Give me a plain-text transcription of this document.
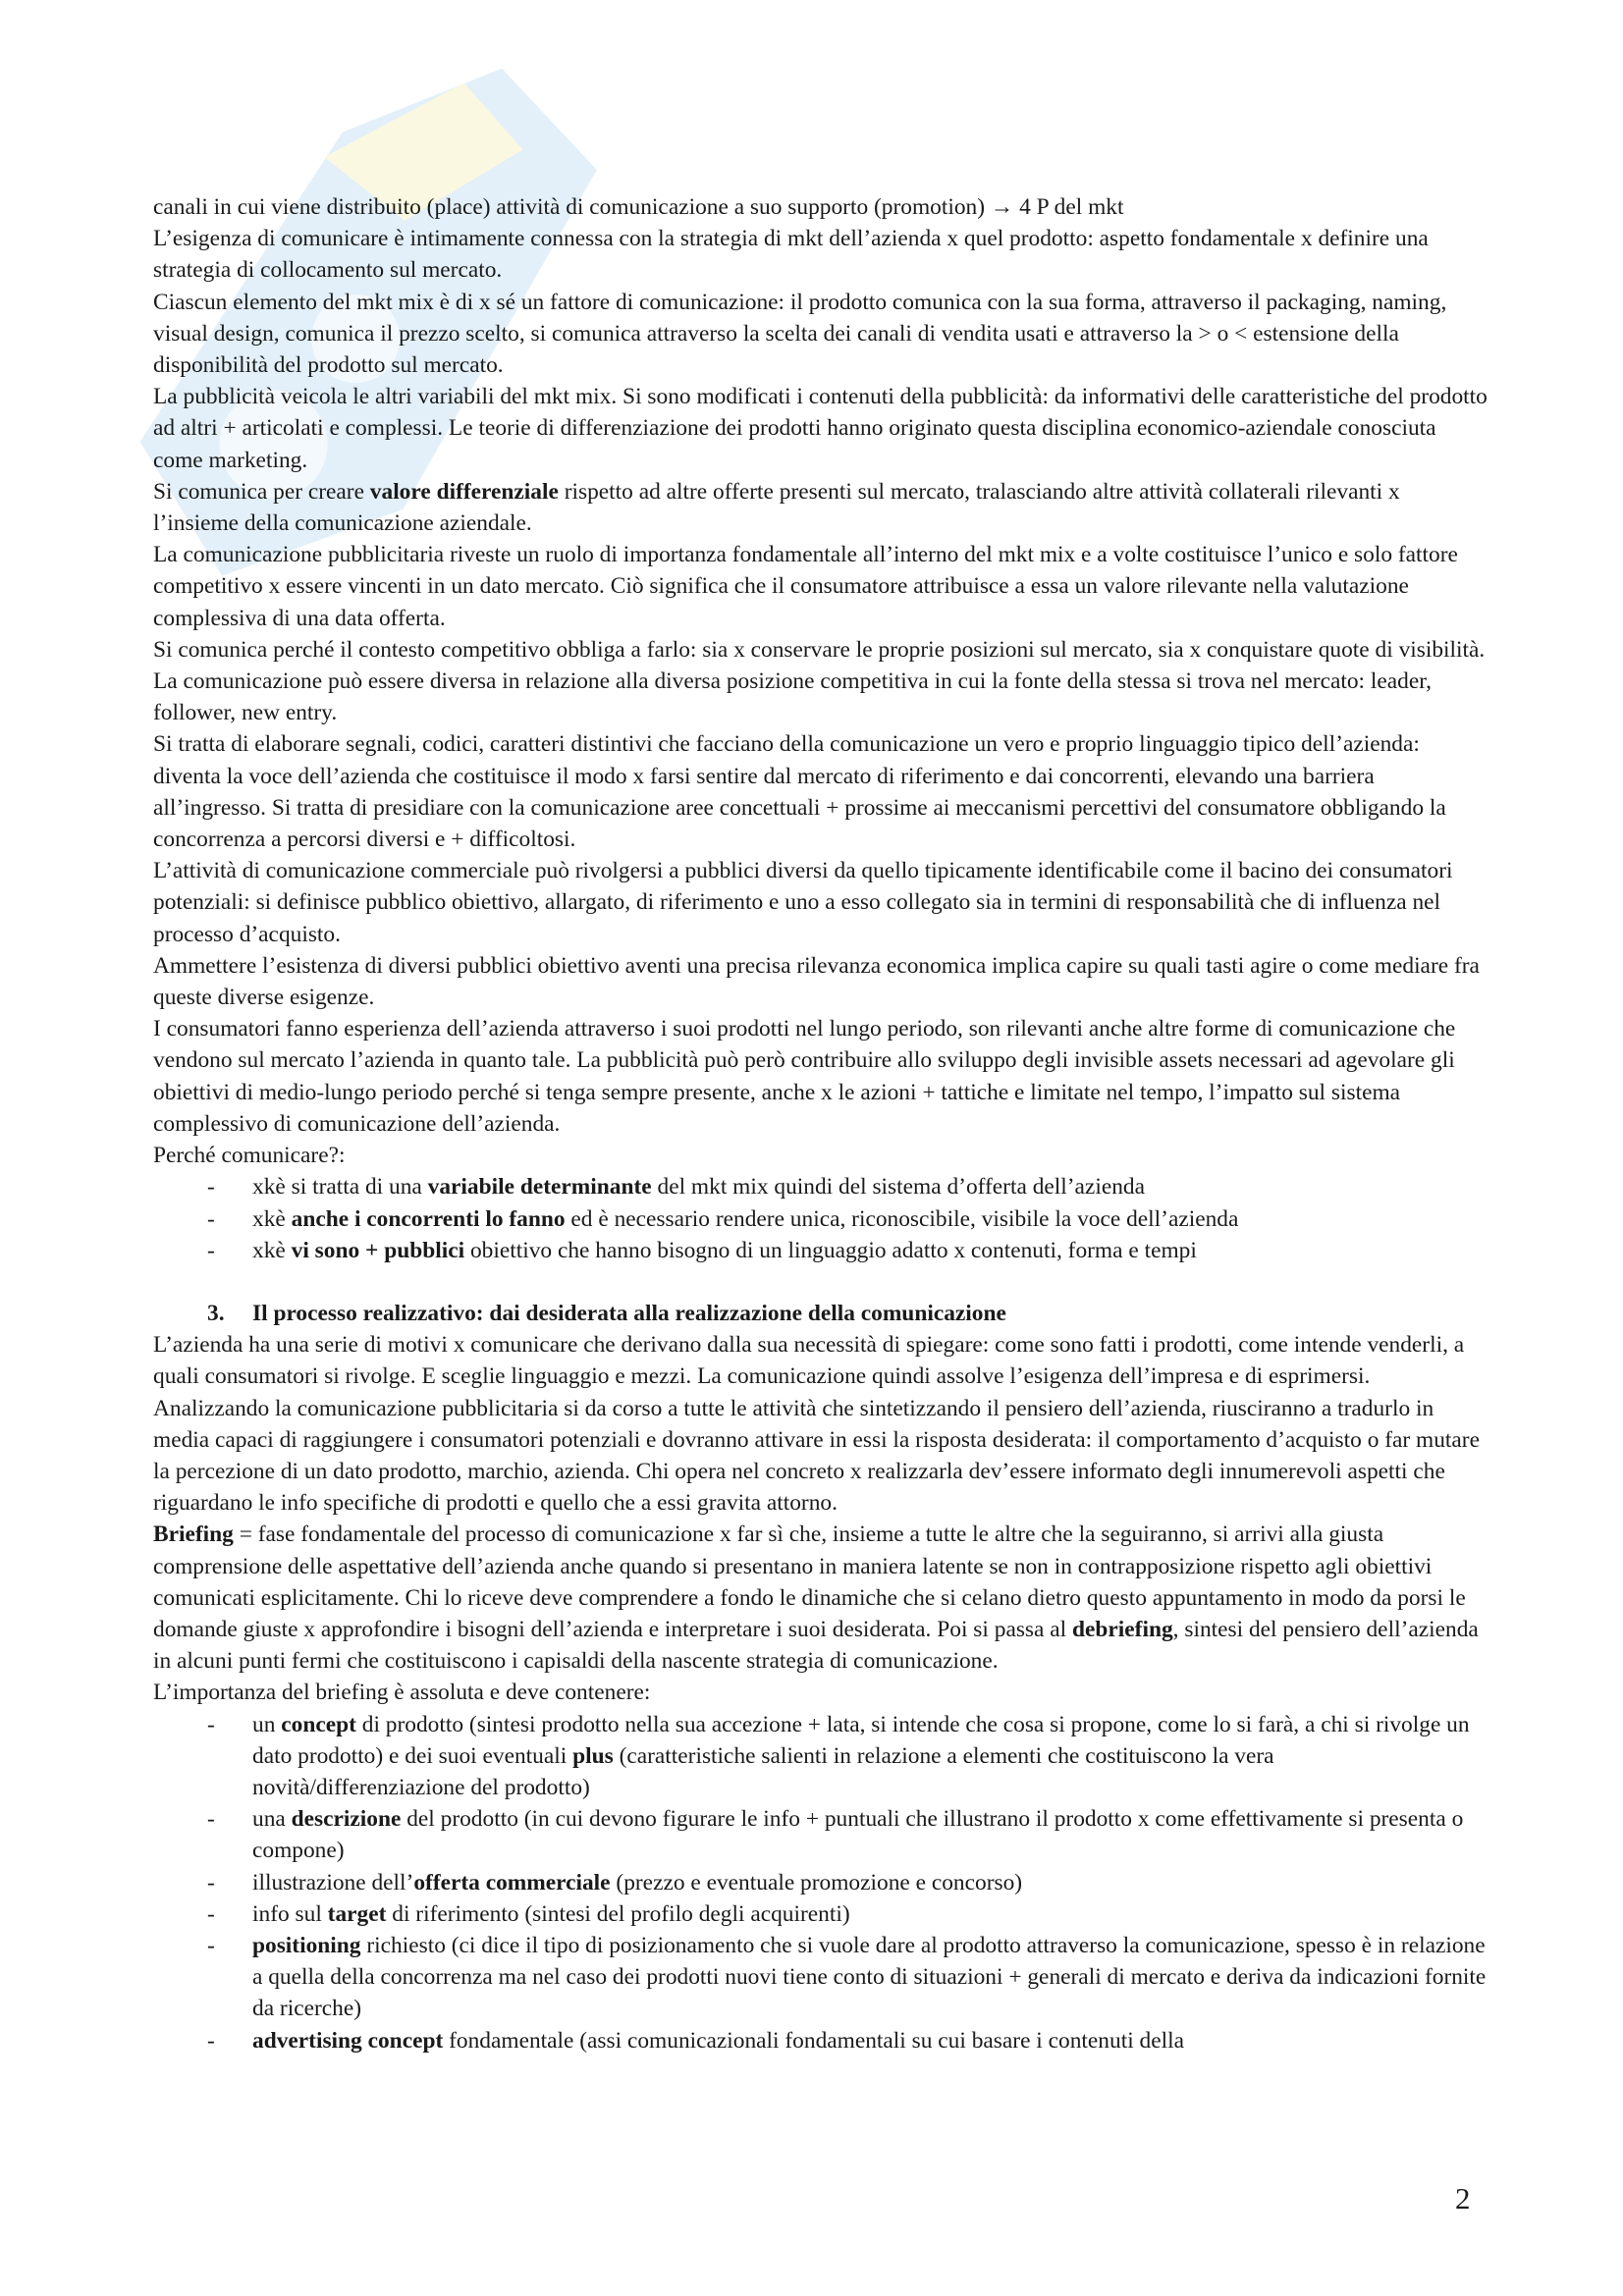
canali in cui viene distribuito (place) attività di comunicazione a suo supporto (promotion) → 4 P del mkt

L’esigenza di comunicare è intimamente connessa con la strategia di mkt dell’azienda x quel prodotto: aspetto fondamentale x definire una strategia di collocamento sul mercato.

Ciascun elemento del mkt mix è di x sé un fattore di comunicazione: il prodotto comunica con la sua forma, attraverso il packaging, naming, visual design, comunica il prezzo scelto, si comunica attraverso la scelta dei canali di vendita usati e attraverso la > o < estensione della disponibilità del prodotto sul mercato.

La pubblicità veicola le altri variabili del mkt mix. Si sono modificati i contenuti della pubblicità: da informativi delle caratteristiche del prodotto ad altri + articolati e complessi. Le teorie di differenziazione dei prodotti hanno originato questa disciplina economico-aziendale conosciuta come marketing.

Si comunica per creare valore differenziale rispetto ad altre offerte presenti sul mercato, tralasciando altre attività collaterali rilevanti x l’insieme della comunicazione aziendale.

La comunicazione pubblicitaria riveste un ruolo di importanza fondamentale all’interno del mkt mix e a volte costituisce l’unico e solo fattore competitivo x essere vincenti in un dato mercato. Ciò significa che il consumatore attribuisce a essa un valore rilevante nella valutazione complessiva di una data offerta.

Si comunica perché il contesto competitivo obbliga a farlo: sia x conservare le proprie posizioni sul mercato, sia x conquistare quote di visibilità. La comunicazione può essere diversa in relazione alla diversa posizione competitiva in cui la fonte della stessa si trova nel mercato: leader, follower, new entry.

Si tratta di elaborare segnali, codici, caratteri distintivi che facciano della comunicazione un vero e proprio linguaggio tipico dell’azienda: diventa la voce dell’azienda che costituisce il modo x farsi sentire dal mercato di riferimento e dai concorrenti, elevando una barriera all’ingresso. Si tratta di presidiare con la comunicazione aree concettuali + prossime ai meccanismi percettivi del consumatore obbligando la concorrenza a percorsi diversi e + difficoltosi.

L’attività di comunicazione commerciale può rivolgersi a pubblici diversi da quello tipicamente identificabile come il bacino dei consumatori potenziali: si definisce pubblico obiettivo, allargato, di riferimento e uno a esso collegato sia in termini di responsabilità che di influenza nel processo d’acquisto.

Ammettere l’esistenza di diversi pubblici obiettivo aventi una precisa rilevanza economica implica capire su quali tasti agire o come mediare fra queste diverse esigenze.

I consumatori fanno esperienza dell’azienda attraverso i suoi prodotti nel lungo periodo, son rilevanti anche altre forme di comunicazione che vendono sul mercato l’azienda in quanto tale. La pubblicità può però contribuire allo sviluppo degli invisible assets necessari ad agevolare gli obiettivi di medio-lungo periodo perché si tenga sempre presente, anche x le azioni + tattiche e limitate nel tempo, l’impatto sul sistema complessivo di comunicazione dell’azienda.

Perché comunicare?:

- xkè si tratta di una variabile determinante del mkt mix quindi del sistema d’offerta dell’azienda

- xkè anche i concorrenti lo fanno ed è necessario rendere unica, riconoscibile, visibile la voce dell’azienda

- xkè vi sono + pubblici obiettivo che hanno bisogno di un linguaggio adatto x contenuti, forma e tempi

3. Il processo realizzativo: dai desiderata alla realizzazione della comunicazione

L’azienda ha una serie di motivi x comunicare che derivano dalla sua necessità di spiegare: come sono fatti i prodotti, come intende venderli, a quali consumatori si rivolge. E sceglie linguaggio e mezzi. La comunicazione quindi assolve l’esigenza dell’impresa e di esprimersi.

Analizzando la comunicazione pubblicitaria si da corso a tutte le attività che sintetizzando il pensiero dell’azienda, riusciranno a tradurlo in media capaci di raggiungere i consumatori potenziali e dovranno attivare in essi la risposta desiderata: il comportamento d’acquisto o far mutare la percezione di un dato prodotto, marchio, azienda. Chi opera nel concreto x realizzarla dev’essere informato degli innumerevoli aspetti che riguardano le info specifiche di prodotti e quello che a essi gravita attorno.

Briefing = fase fondamentale del processo di comunicazione x far sì che, insieme a tutte le altre che la seguiranno, si arrivi alla giusta comprensione delle aspettative dell’azienda anche quando si presentano in maniera latente se non in contrapposizione rispetto agli obiettivi comunicati esplicitamente. Chi lo riceve deve comprendere a fondo le dinamiche che si celano dietro questo appuntamento in modo da porsi le domande giuste x approfondire i bisogni dell’azienda e interpretare i suoi desiderata. Poi si passa al debriefing, sintesi del pensiero dell’azienda in alcuni punti fermi che costituiscono i capisaldi della nascente strategia di comunicazione.

L’importanza del briefing è assoluta e deve contenere:

- un concept di prodotto (sintesi prodotto nella sua accezione + lata, si intende che cosa si propone, come lo si farà, a chi si rivolge un dato prodotto) e dei suoi eventuali plus (caratteristiche salienti in relazione a elementi che costituiscono la vera novità/differenziazione del prodotto)

- una descrizione del prodotto (in cui devono figurare le info + puntuali che illustrano il prodotto x come effettivamente si presenta o compone)

- illustrazione dell’offerta commerciale (prezzo e eventuale promozione e concorso)

- info sul target di riferimento (sintesi del profilo degli acquirenti)

- positioning richiesto (ci dice il tipo di posizionamento che si vuole dare al prodotto attraverso la comunicazione, spesso è in relazione a quella della concorrenza ma nel caso dei prodotti nuovi tiene conto di situazioni + generali di mercato e deriva da indicazioni fornite da ricerche)

- advertising concept fondamentale (assi comunicazionali fondamentali su cui basare i contenuti della

2
